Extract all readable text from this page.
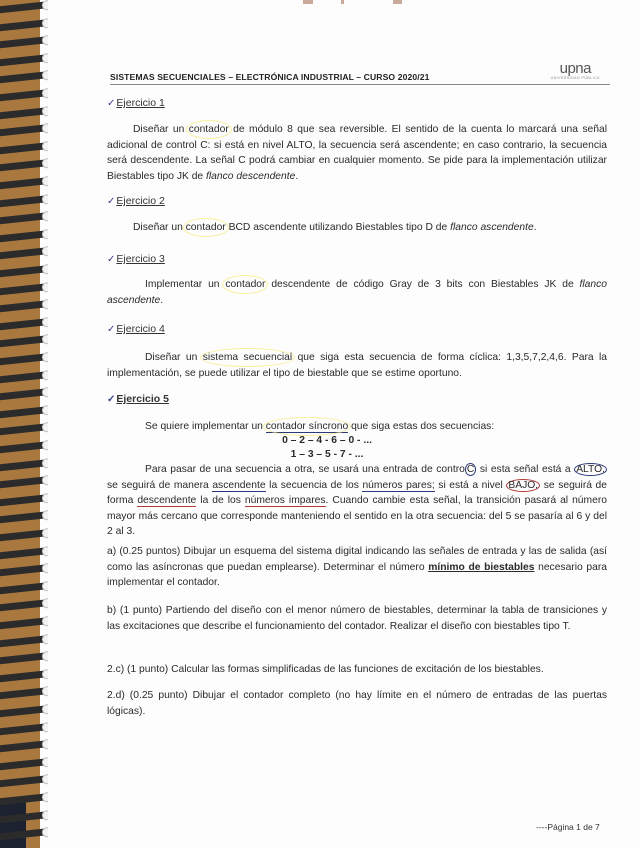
SISTEMAS SECUENCIALES – ELECTRÓNICA INDUSTRIAL – CURSO 2020/21	upna
UNIVERSIDAD PÚBLICA
✓Ejercicio 1
Diseñar un contador de módulo 8 que sea reversible. El sentido de la cuenta lo marcará una señal adicional de control C: si está en nivel ALTO, la secuencia será ascendente; en caso contrario, la secuencia será descendente. La señal C podrá cambiar en cualquier momento. Se pide para la implementación utilizar Biestables tipo JK de flanco descendente.
✓Ejercicio 2
Diseñar un contador BCD ascendente utilizando Biestables tipo D de flanco ascendente.
✓Ejercicio 3
Implementar un contador descendente de código Gray de 3 bits con Biestables JK de flanco ascendente.
✓Ejercicio 4
Diseñar un sistema secuencial que siga esta secuencia de forma cíclica: 1,3,5,7,2,4,6. Para la implementación, se puede utilizar el tipo de biestable que se estime oportuno.
✓Ejercicio 5
Se quiere implementar un contador síncrono que siga estas dos secuencias:
0 – 2 – 4 - 6 – 0 - ...
1 – 3 – 5 - 7 - ...
Para pasar de una secuencia a otra, se usará una entrada de contro C si esta señal está a ALTO, se seguirá de manera ascendente la secuencia de los números pares; si está a nivel BAJO, se seguirá de forma descendente la de los números impares. Cuando cambie esta señal, la transición pasará al número mayor más cercano que corresponde manteniendo el sentido en la otra secuencia: del 5 se pasaría al 6 y del 2 al 3.
a) (0.25 puntos) Dibujar un esquema del sistema digital indicando las señales de entrada y las de salida (así como las asíncronas que puedan emplearse). Determinar el número mínimo de biestables necesario para implementar el contador.
b) (1 punto) Partiendo del diseño con el menor número de biestables, determinar la tabla de transiciones y las excitaciones que describe el funcionamiento del contador. Realizar el diseño con biestables tipo T.
2.c) (1 punto) Calcular las formas simplificadas de las funciones de excitación de los biestables.
2.d) (0.25 punto) Dibujar el contador completo (no hay límite en el número de entradas de las puertas lógicas).
----Página 1 de 7
